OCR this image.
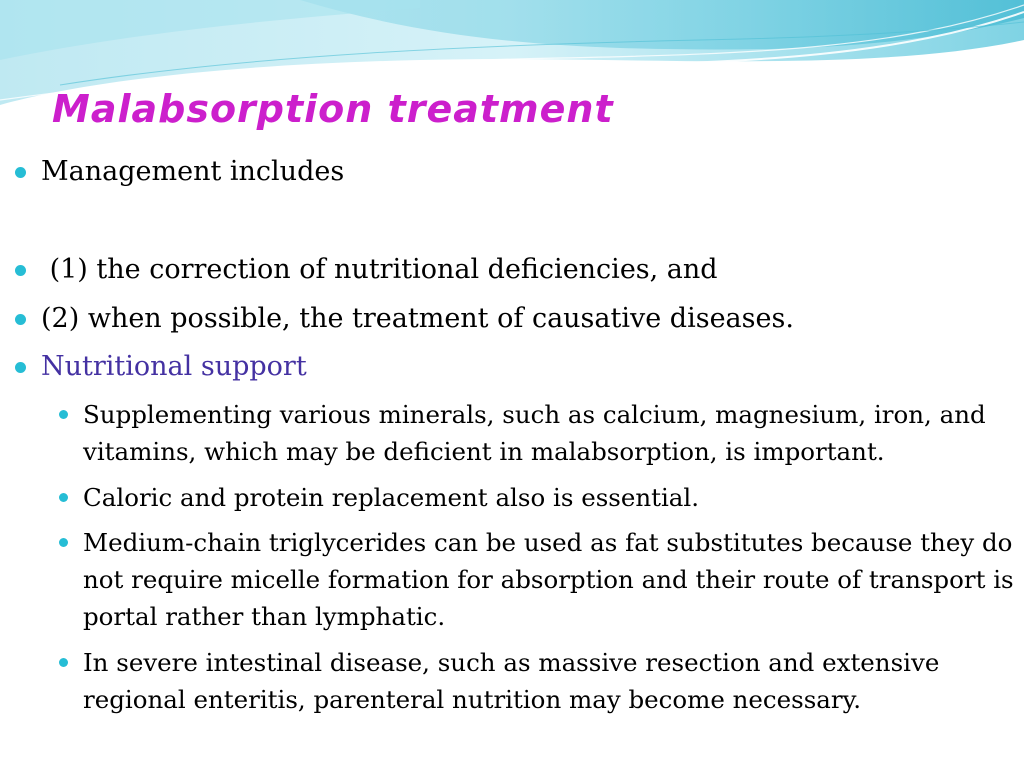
Malabsorption treatment

Management includes

(1) the correction of nutritional deficiencies, and

(2) when possible, the treatment of causative diseases.

Nutritional support

Supplementing various minerals, such as calcium, magnesium, iron, and vitamins, which may be deficient in malabsorption, is important.

Caloric and protein replacement also is essential.

Medium-chain triglycerides can be used as fat substitutes because they do not require micelle formation for absorption and their route of transport is portal rather than lymphatic.

In severe intestinal disease, such as massive resection and extensive regional enteritis, parenteral nutrition may become necessary.
